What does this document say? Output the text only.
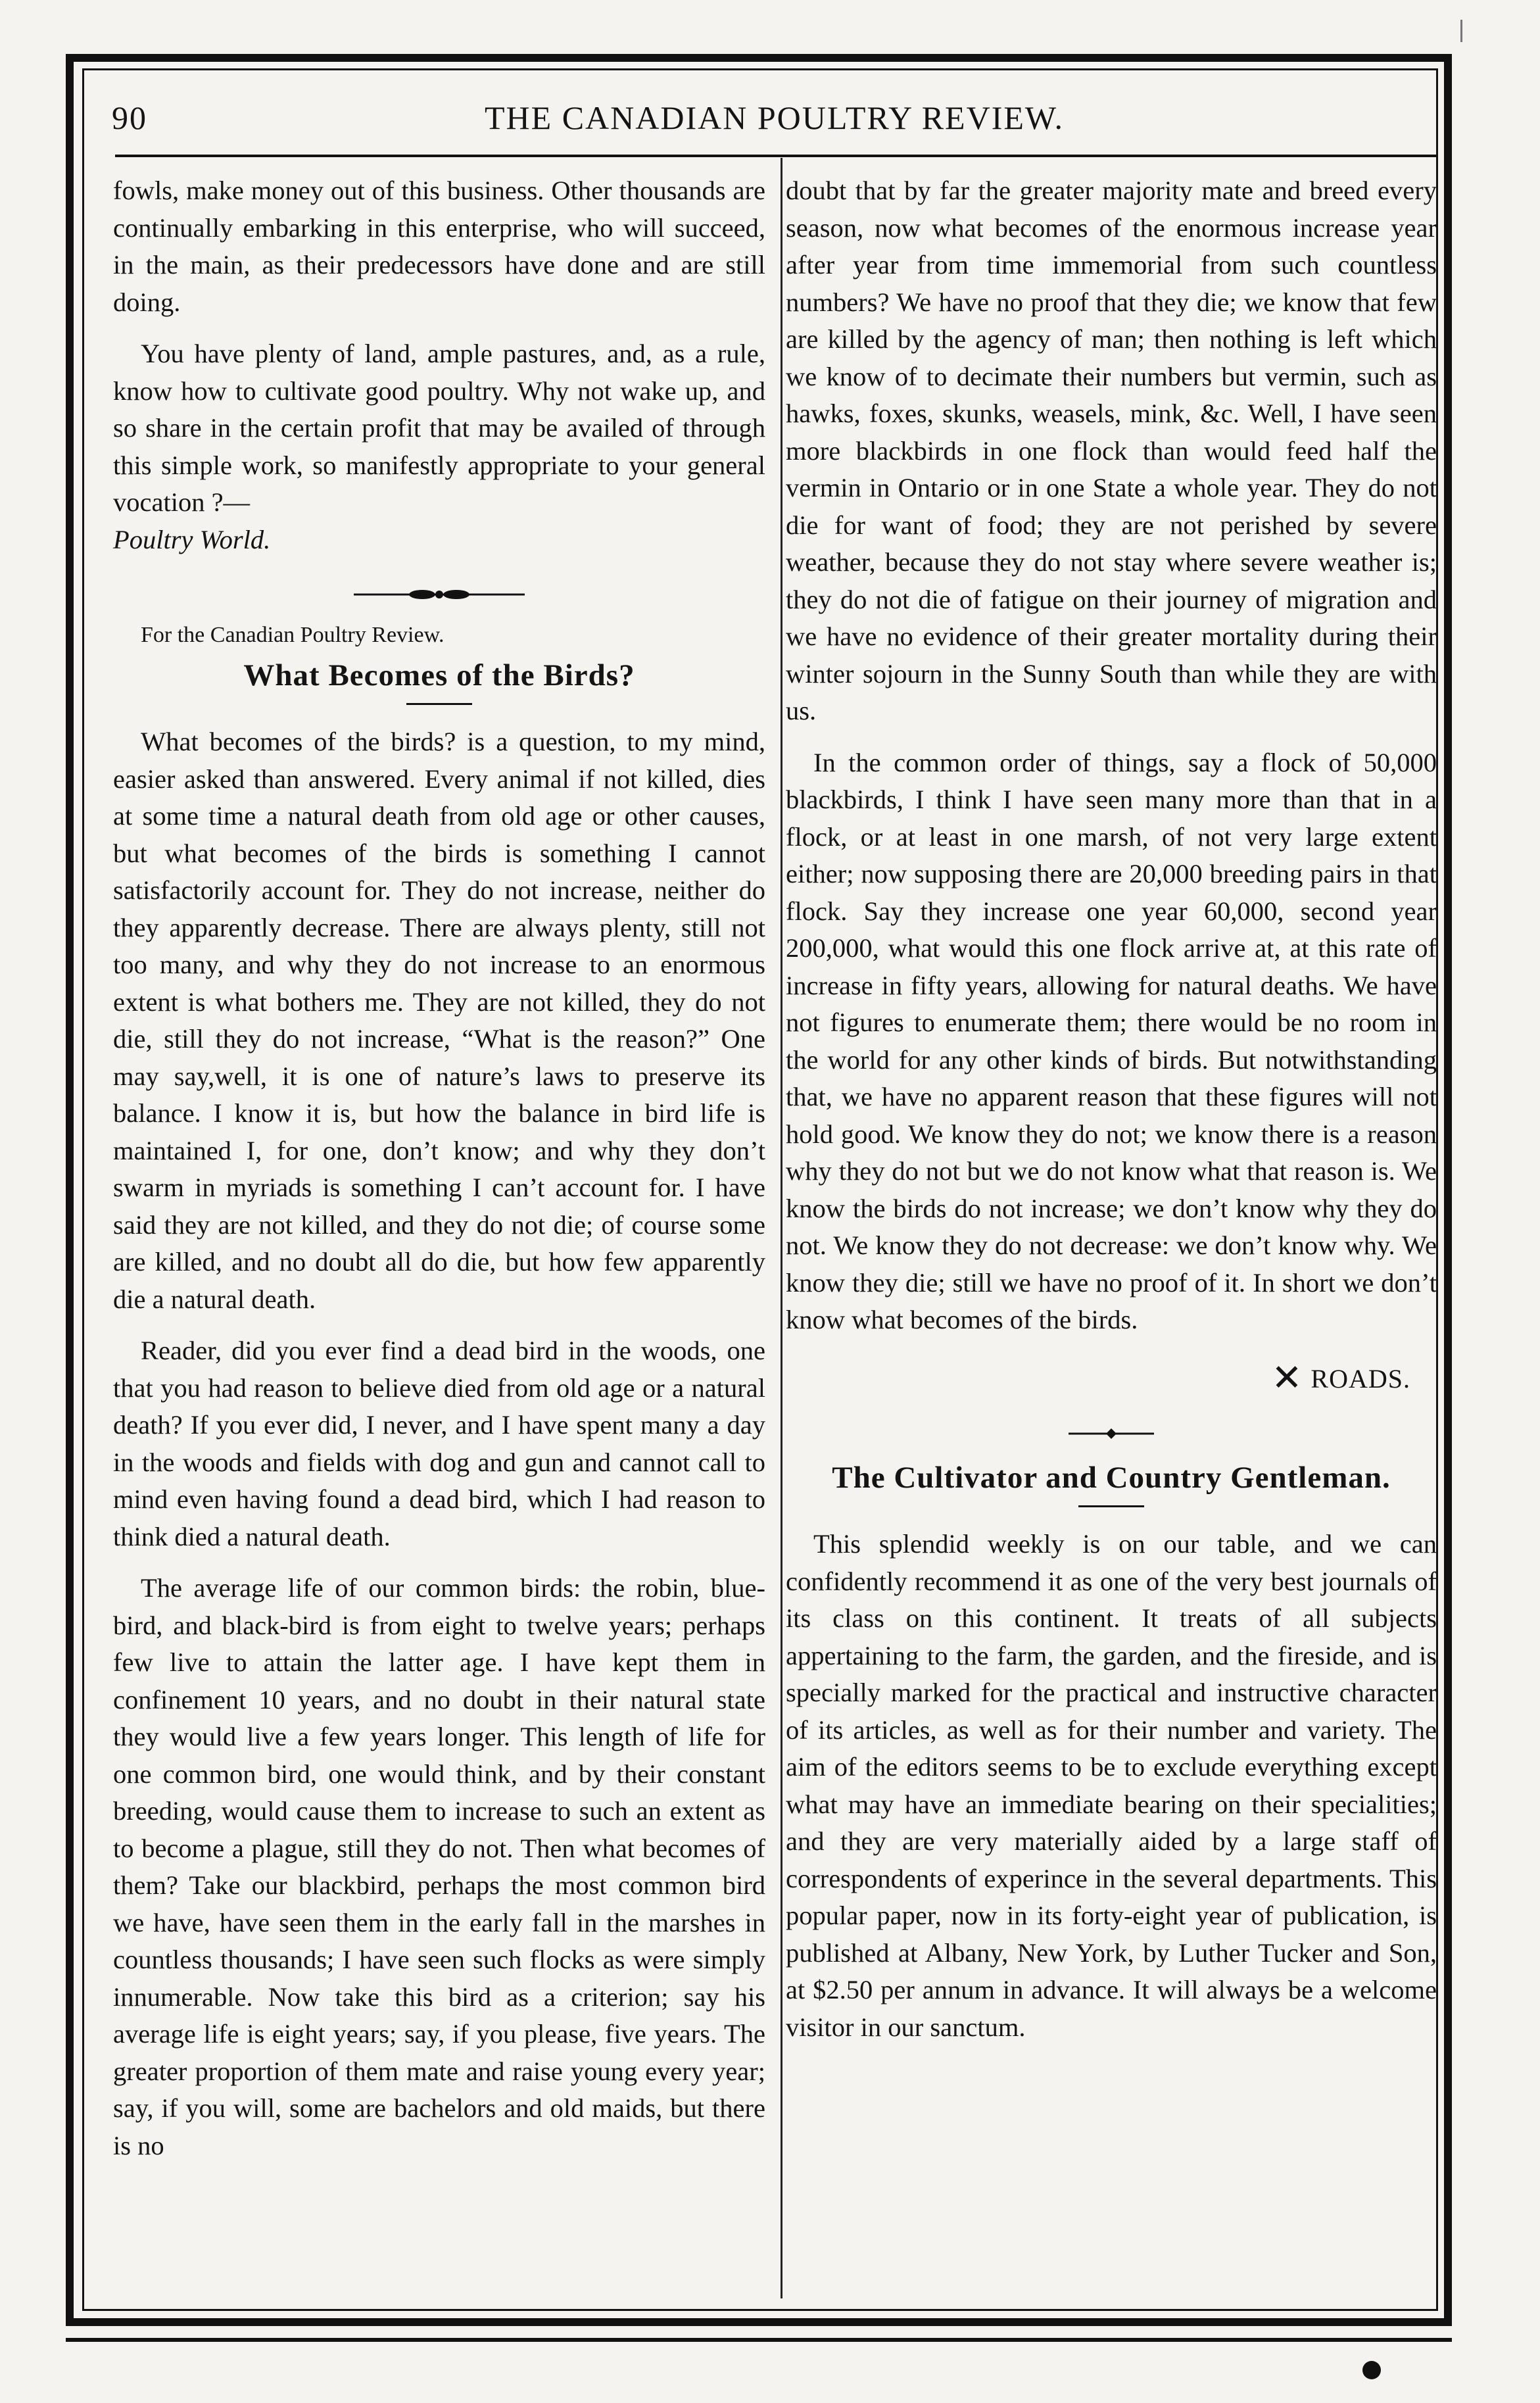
90	THE CANADIAN POULTRY REVIEW.

fowls, make money out of this business. Other thousands are continually embarking in this enterprise, who will succeed, in the main, as their predecessors have done and are still doing.

You have plenty of land, ample pastures, and, as a rule, know how to cultivate good poultry. Why not wake up, and so share in the certain profit that may be availed of through this simple work, so manifestly appropriate to your general vocation ?—
Poultry World.

For the Canadian Poultry Review.

What Becomes of the Birds?

What becomes of the birds? is a question, to my mind, easier asked than answered. Every animal if not killed, dies at some time a natural death from old age or other causes, but what becomes of the birds is something I cannot satisfactorily account for. They do not increase, neither do they apparently decrease. There are always plenty, still not too many, and why they do not increase to an enormous extent is what bothers me. They are not killed, they do not die, still they do not increase, “What is the reason?” One may say,well, it is one of nature’s laws to preserve its balance. I know it is, but how the balance in bird life is maintained I, for one, don’t know; and why they don’t swarm in myriads is something I can’t account for. I have said they are not killed, and they do not die; of course some are killed, and no doubt all do die, but how few apparently die a natural death.

Reader, did you ever find a dead bird in the woods, one that you had reason to believe died from old age or a natural death? If you ever did, I never, and I have spent many a day in the woods and fields with dog and gun and cannot call to mind even having found a dead bird, which I had reason to think died a natural death.

The average life of our common birds: the robin, blue-bird, and black-bird is from eight to twelve years; perhaps few live to attain the latter age. I have kept them in confinement 10 years, and no doubt in their natural state they would live a few years longer. This length of life for one common bird, one would think, and by their constant breeding, would cause them to increase to such an extent as to become a plague, still they do not. Then what becomes of them? Take our blackbird, perhaps the most common bird we have, have seen them in the early fall in the marshes in countless thousands; I have seen such flocks as were simply innumerable. Now take this bird as a criterion; say his average life is eight years; say, if you please, five years. The greater proportion of them mate and raise young every year; say, if you will, some are bachelors and old maids, but there is no

doubt that by far the greater majority mate and breed every season, now what becomes of the enormous increase year after year from time immemorial from such countless numbers? We have no proof that they die; we know that few are killed by the agency of man; then nothing is left which we know of to decimate their numbers but vermin, such as hawks, foxes, skunks, weasels, mink, &c. Well, I have seen more blackbirds in one flock than would feed half the vermin in Ontario or in one State a whole year. They do not die for want of food; they are not perished by severe weather, because they do not stay where severe weather is; they do not die of fatigue on their journey of migration and we have no evidence of their greater mortality during their winter sojourn in the Sunny South than while they are with us.

In the common order of things, say a flock of 50,000 blackbirds, I think I have seen many more than that in a flock, or at least in one marsh, of not very large extent either; now supposing there are 20,000 breeding pairs in that flock. Say they increase one year 60,000, second year 200,000, what would this one flock arrive at, at this rate of increase in fifty years, allowing for natural deaths. We have not figures to enumerate them; there would be no room in the world for any other kinds of birds. But notwithstanding that, we have no apparent reason that these figures will not hold good. We know they do not; we know there is a reason why they do not but we do not know what that reason is. We know the birds do not increase; we don’t know why they do not. We know they do not decrease: we don’t know why. We know they die; still we have no proof of it. In short we don’t know what becomes of the birds.

✕ ROADS.
The Cultivator and Country Gentleman.

This splendid weekly is on our table, and we can confidently recommend it as one of the very best journals of its class on this continent. It treats of all subjects appertaining to the farm, the garden, and the fireside, and is specially marked for the practical and instructive character of its articles, as well as for their number and variety. The aim of the editors seems to be to exclude everything except what may have an immediate bearing on their specialities; and they are very materially aided by a large staff of correspondents of experince in the several departments. This popular paper, now in its forty-eight year of publication, is published at Albany, New York, by Luther Tucker and Son, at $2.50 per annum in advance. It will always be a welcome visitor in our sanctum.
